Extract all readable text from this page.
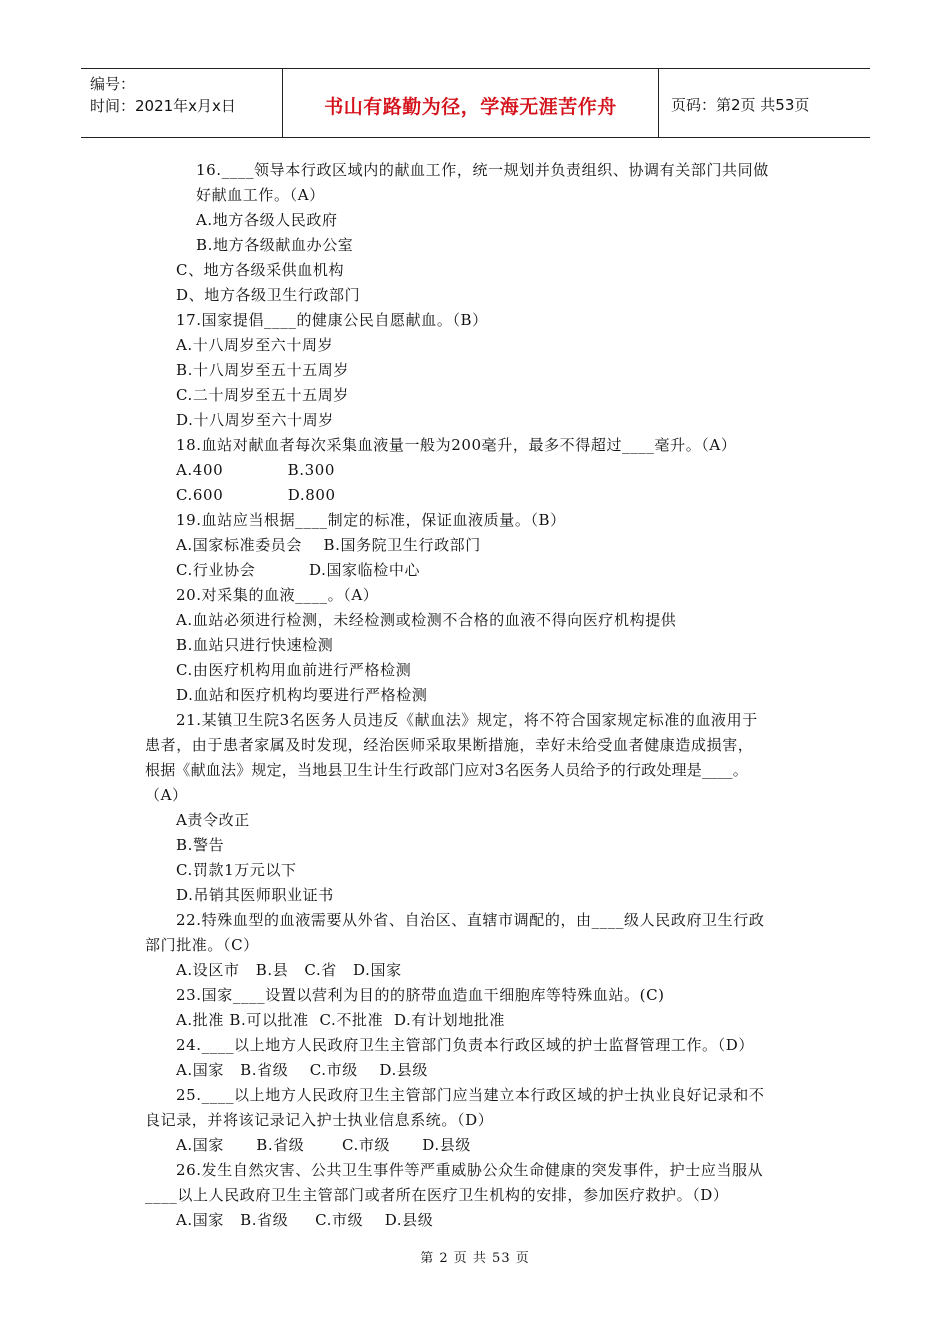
编号：
时间：2021年x月x日	书山有路勤为径，学海无涯苦作舟	页码：第2页 共53页
16.____领导本行政区域内的献血工作，统一规划并负责组织、协调有关部门共同做
好献血工作。（A）
A.地方各级人民政府
B.地方各级献血办公室
C、地方各级采供血机构
D、地方各级卫生行政部门
17.国家提倡____的健康公民自愿献血。（B）
A.十八周岁至六十周岁
B.十八周岁至五十五周岁
C.二十周岁至五十五周岁
D.十八周岁至六十周岁
18.血站对献血者每次采集血液量一般为200毫升，最多不得超过____毫升。（A）
A.400            B.300
C.600            D.800
19.血站应当根据____制定的标准，保证血液质量。（B）
A.国家标准委员会    B.国务院卫生行政部门
C.行业协会          D.国家临检中心
20.对采集的血液____。（A）
A.血站必须进行检测，未经检测或检测不合格的血液不得向医疗机构提供
B.血站只进行快速检测
C.由医疗机构用血前进行严格检测
D.血站和医疗机构均要进行严格检测
21.某镇卫生院3名医务人员违反《献血法》规定，将不符合国家规定标准的血液用于
患者，由于患者家属及时发现，经治医师采取果断措施，幸好未给受血者健康造成损害，
根据《献血法》规定，当地县卫生计生行政部门应对3名医务人员给予的行政处理是____。
（A）
A责令改正
B.警告
C.罚款1万元以下
D.吊销其医师职业证书
22.特殊血型的血液需要从外省、自治区、直辖市调配的，由____级人民政府卫生行政
部门批准。（C）
A.设区市   B.县   C.省   D.国家
23.国家____设置以营利为目的的脐带血造血干细胞库等特殊血站。(C)
A.批准 B.可以批准  C.不批准  D.有计划地批准
24.____以上地方人民政府卫生主管部门负责本行政区域的护士监督管理工作。（D）
A.国家   B.省级    C.市级    D.县级
25.____以上地方人民政府卫生主管部门应当建立本行政区域的护士执业良好记录和不
良记录，并将该记录记入护士执业信息系统。（D）
A.国家      B.省级       C.市级      D.县级
26.发生自然灾害、公共卫生事件等严重威胁公众生命健康的突发事件，护士应当服从
____以上人民政府卫生主管部门或者所在医疗卫生机构的安排，参加医疗救护。（D）
A.国家   B.省级     C.市级    D.县级
第 2 页 共 53 页
